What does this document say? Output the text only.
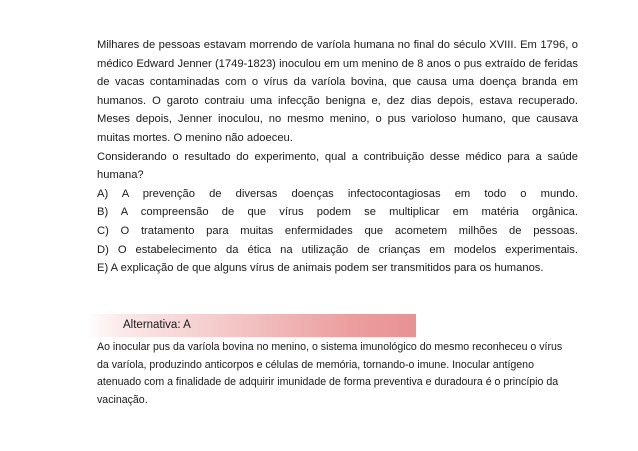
Milhares de pessoas estavam morrendo de varíola humana no final do século XVIII. Em 1796, o médico Edward Jenner (1749-1823) inoculou em um menino de 8 anos o pus extraído de feridas de vacas contaminadas com o vírus da varíola bovina, que causa uma doença branda em humanos. O garoto contraiu uma infecção benigna e, dez dias depois, estava recuperado. Meses depois, Jenner inoculou, no mesmo menino, o pus varioloso humano, que causava muitas mortes. O menino não adoeceu.

Considerando o resultado do experimento, qual a contribuição desse médico para a saúde humana?

A) A prevenção de diversas doenças infectocontagiosas em todo o mundo.
B) A compreensão de que vírus podem se multiplicar em matéria orgânica.
C) O tratamento para muitas enfermidades que acometem milhões de pessoas.
D) O estabelecimento da ética na utilização de crianças em modelos experimentais.
E) A explicação de que alguns vírus de animais podem ser transmitidos para os humanos.
Alternativa: A

Ao inocular pus da varíola bovina no menino, o sistema imunológico do mesmo reconheceu o vírus da varíola, produzindo anticorpos e células de memória, tornando-o imune. Inocular antígeno atenuado com a finalidade de adquirir imunidade de forma preventiva e duradoura é o princípio da vacinação.
